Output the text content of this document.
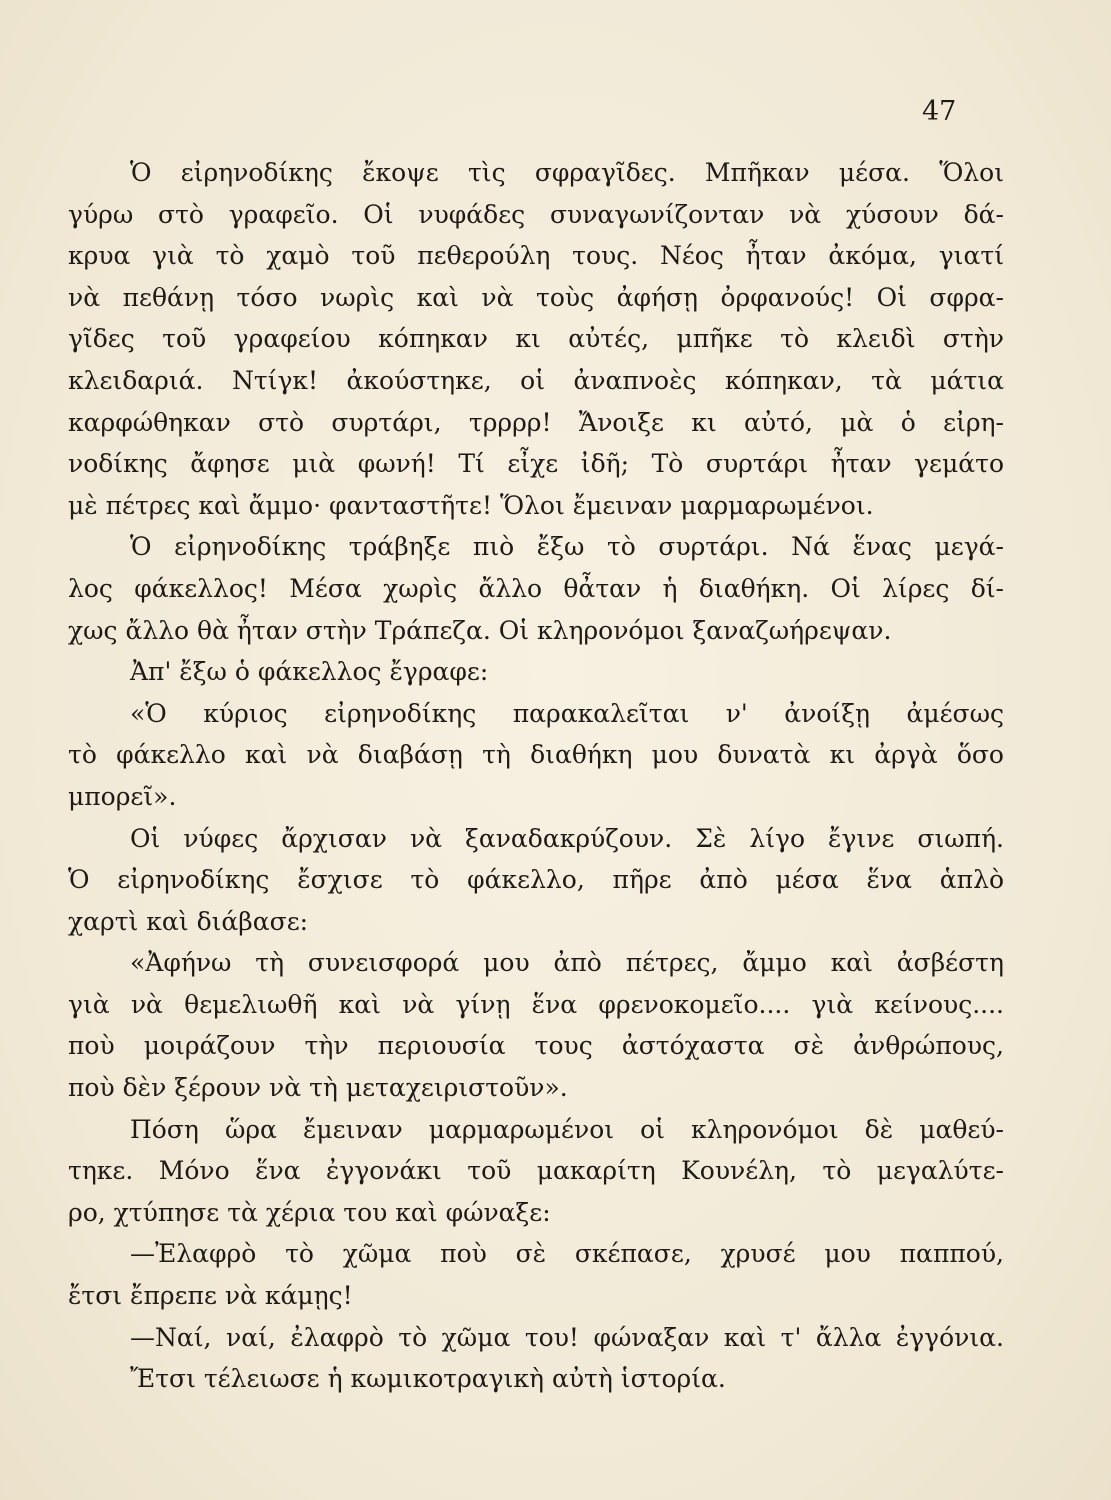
47
Ὁ εἰρηνοδίκης ἔκοψε τὶς σφραγῖδες. Μπῆκαν μέσα. Ὅλοι
γύρω στὸ γραφεῖο. Οἱ νυφάδες συναγωνίζονταν νὰ χύσουν δά-
κρυα γιὰ τὸ χαμὸ τοῦ πεθερούλη τους. Νέος ἦταν ἀκόμα, γιατί
νὰ πεθάνῃ τόσο νωρὶς καὶ νὰ τοὺς ἀφήσῃ ὀρφανούς! Οἱ σφρα-
γῖδες τοῦ γραφείου κόπηκαν κι αὐτές, μπῆκε τὸ κλειδὶ στὴν
κλειδαριά. Ντίγκ! ἀκούστηκε, οἱ ἀναπνοὲς κόπηκαν, τὰ μάτια
καρφώθηκαν στὸ συρτάρι, τρρρρ! Ἄνοιξε κι αὐτό, μὰ ὁ εἰρη-
νοδίκης ἄφησε μιὰ φωνή! Τί εἶχε ἰδῆ; Τὸ συρτάρι ἦταν γεμάτο
μὲ πέτρες καὶ ἄμμο· φανταστῆτε! Ὅλοι ἔμειναν μαρμαρωμένοι.
Ὁ εἰρηνοδίκης τράβηξε πιὸ ἔξω τὸ συρτάρι. Νά ἕνας μεγά-
λος φάκελλος! Μέσα χωρὶς ἄλλο θἆταν ἡ διαθήκη. Οἱ λίρες δί-
χως ἄλλο θὰ ἦταν στὴν Τράπεζα. Οἱ κληρονόμοι ξαναζωήρεψαν.
Ἀπ' ἔξω ὁ φάκελλος ἔγραφε:
«Ὁ κύριος εἰρηνοδίκης παρακαλεῖται ν' ἀνοίξῃ ἀμέσως
τὸ φάκελλο καὶ νὰ διαβάσῃ τὴ διαθήκη μου δυνατὰ κι ἀργὰ ὅσο
μπορεῖ».
Οἱ νύφες ἄρχισαν νὰ ξαναδακρύζουν. Σὲ λίγο ἔγινε σιωπή.
Ὁ εἰρηνοδίκης ἔσχισε τὸ φάκελλο, πῆρε ἀπὸ μέσα ἕνα ἁπλὸ
χαρτὶ καὶ διάβασε:
«Ἀφήνω τὴ συνεισφορά μου ἀπὸ πέτρες, ἄμμο καὶ ἀσβέστη
γιὰ νὰ θεμελιωθῆ καὶ νὰ γίνῃ ἕνα φρενοκομεῖο.... γιὰ κείνους....
ποὺ μοιράζουν τὴν περιουσία τους ἀστόχαστα σὲ ἀνθρώπους,
ποὺ δὲν ξέρουν νὰ τὴ μεταχειριστοῦν».
Πόση ὥρα ἔμειναν μαρμαρωμένοι οἱ κληρονόμοι δὲ μαθεύ-
τηκε. Μόνο ἕνα ἐγγονάκι τοῦ μακαρίτη Κουνέλη, τὸ μεγαλύτε-
ρο, χτύπησε τὰ χέρια του καὶ φώναξε:
—Ἐλαφρὸ τὸ χῶμα ποὺ σὲ σκέπασε, χρυσέ μου παππού,
ἔτσι ἔπρεπε νὰ κάμῃς!
—Ναί, ναί, ἐλαφρὸ τὸ χῶμα του! φώναξαν καὶ τ' ἄλλα ἐγγόνια.
Ἔτσι τέλειωσε ἡ κωμικοτραγικὴ αὐτὴ ἱστορία.
